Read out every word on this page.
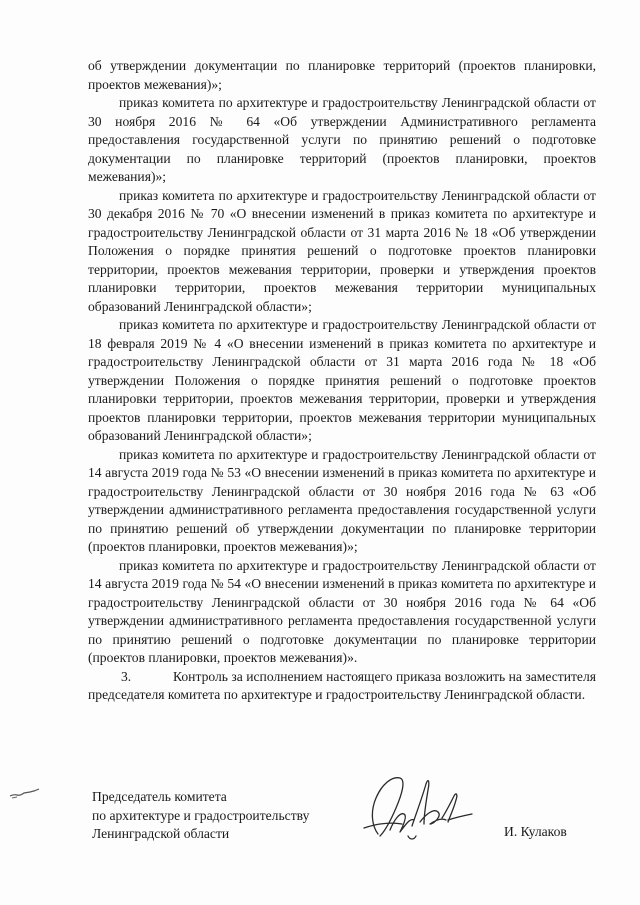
об утверждении документации по планировке территорий (проектов планировки, проектов межевания)»;

приказ комитета по архитектуре и градостроительству Ленинградской области от 30 ноября 2016 № 64 «Об утверждении Административного регламента предоставления государственной услуги по принятию решений о подготовке документации по планировке территорий (проектов планировки, проектов межевания)»;

приказ комитета по архитектуре и градостроительству Ленинградской области от 30 декабря 2016 № 70 «О внесении изменений в приказ комитета по архитектуре и градостроительству Ленинградской области от 31 марта 2016 № 18 «Об утверждении Положения о порядке принятия решений о подготовке проектов планировки территории, проектов межевания территории, проверки и утверждения проектов планировки территории, проектов межевания территории муниципальных образований Ленинградской области»;

приказ комитета по архитектуре и градостроительству Ленинградской области от 18 февраля 2019 № 4 «О внесении изменений в приказ комитета по архитектуре и градостроительству Ленинградской области от 31 марта 2016 года № 18 «Об утверждении Положения о порядке принятия решений о подготовке проектов планировки территории, проектов межевания территории, проверки и утверждения проектов планировки территории, проектов межевания территории муниципальных образований Ленинградской области»;

приказ комитета по архитектуре и градостроительству Ленинградской области от 14 августа 2019 года № 53 «О внесении изменений в приказ комитета по архитектуре и градостроительству Ленинградской области от 30 ноября 2016 года № 63 «Об утверждении административного регламента предоставления государственной услуги по принятию решений об утверждении документации по планировке территории (проектов планировки, проектов межевания)»;

приказ комитета по архитектуре и градостроительству Ленинградской области от 14 августа 2019 года № 54 «О внесении изменений в приказ комитета по архитектуре и градостроительству Ленинградской области от 30 ноября 2016 года № 64 «Об утверждении административного регламента предоставления государственной услуги по принятию решений о подготовке документации по планировке территории (проектов планировки, проектов межевания)».

3.	Контроль за исполнением настоящего приказа возложить на заместителя председателя комитета по архитектуре и градостроительству Ленинградской области.

Председатель комитета
по архитектуре и градостроительству
Ленинградской области	И. Кулаков
